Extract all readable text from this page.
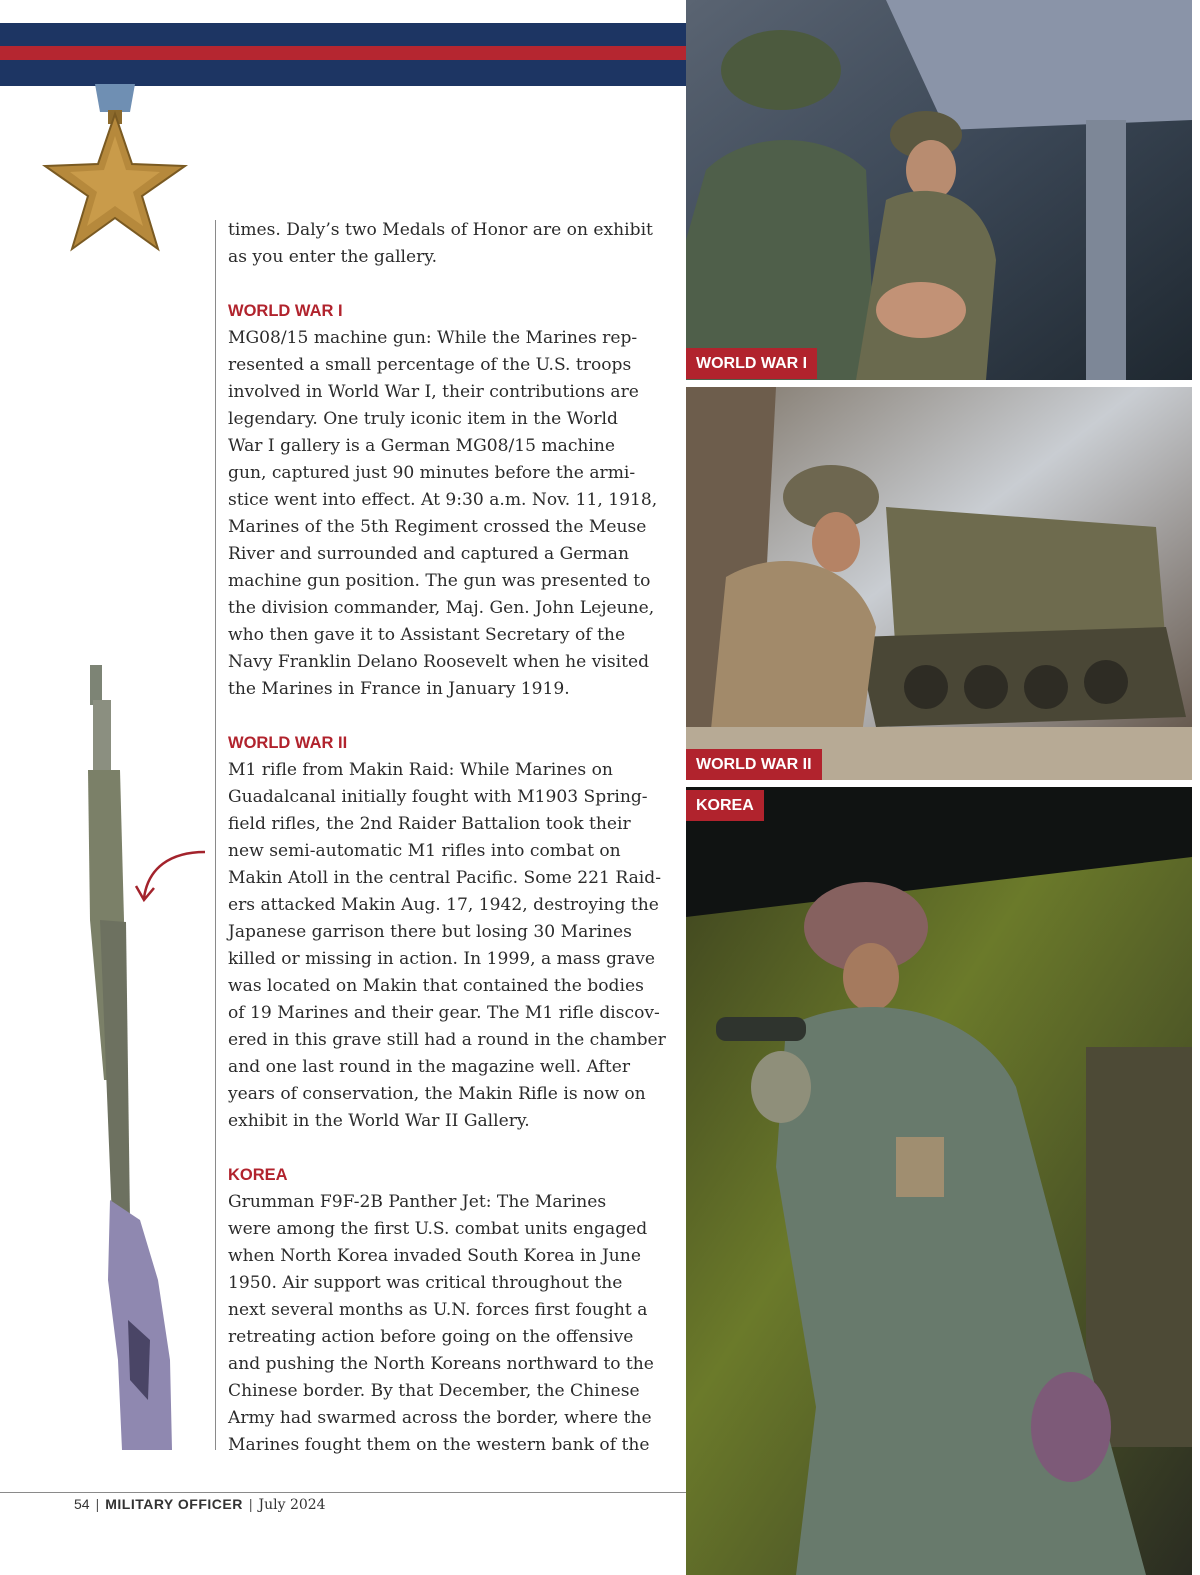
times. Daly’s two Medals of Honor are on exhibit
as you enter the gallery.

WORLD WAR I

MG08/15 machine gun: While the Marines rep-
resented a small percentage of the U.S. troops
involved in World War I, their contributions are
legendary. One truly iconic item in the World
War I gallery is a German MG08/15 machine
gun, captured just 90 minutes before the armi-
stice went into effect. At 9:30 a.m. Nov. 11, 1918,
Marines of the 5th Regiment crossed the Meuse
River and surrounded and captured a German
machine gun position. The gun was presented to
the division commander, Maj. Gen. John Lejeune,
who then gave it to Assistant Secretary of the
Navy Franklin Delano Roosevelt when he visited
the Marines in France in January 1919.

WORLD WAR II

M1 rifle from Makin Raid: While Marines on
Guadalcanal initially fought with M1903 Spring-
field rifles, the 2nd Raider Battalion took their
new semi-automatic M1 rifles into combat on
Makin Atoll in the central Pacific. Some 221 Raid-
ers attacked Makin Aug. 17, 1942, destroying the
Japanese garrison there but losing 30 Marines
killed or missing in action. In 1999, a mass grave
was located on Makin that contained the bodies
of 19 Marines and their gear. The M1 rifle discov-
ered in this grave still had a round in the chamber
and one last round in the magazine well. After
years of conservation, the Makin Rifle is now on
exhibit in the World War II Gallery.

KOREA

Grumman F9F-2B Panther Jet: The Marines
were among the first U.S. combat units engaged
when North Korea invaded South Korea in June
1950. Air support was critical throughout the
next several months as U.N. forces first fought a
retreating action before going on the offensive
and pushing the North Koreans northward to the
Chinese border. By that December, the Chinese
Army had swarmed across the border, where the
Marines fought them on the western bank of the

WORLD WAR I
WORLD WAR II
KOREA
54 | MILITARY OFFICER | July 2024
